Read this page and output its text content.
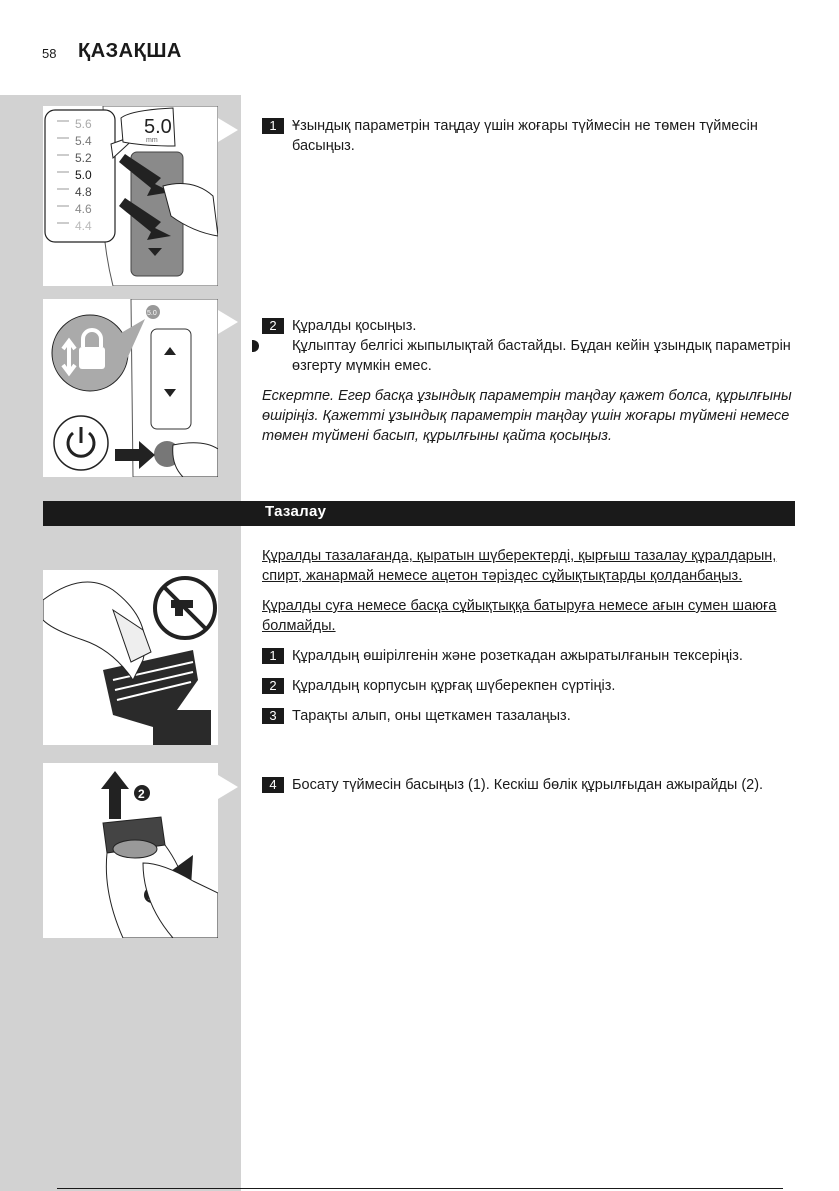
58 ҚАЗАҚША
5.0
mm
5.6
5.4
5.2
5.0
4.8
4.6
4.4
5.0
2

1	Ұзындық параметрін таңдау үшін жоғары түймесін не төмен түймесін басыңыз.

2	Құралды қосыңыз.

Құлыптау белгісі жыпылықтай бастайды. Бұдан кейін ұзындық параметрін өзгерту мүмкін емес.

Ескертпе. Егер басқа ұзындық параметрін таңдау қажет болса, құрылғыны өшіріңіз. Қажетті ұзындық параметрін таңдау үшін жоғары түймені немесе төмен түймені басып, құрылғыны қайта қосыңыз.

Тазалау

Құралды тазалағанда, қыратын шүберектерді, қырғыш тазалау құралдарын, спирт, жанармай немесе ацетон тәріздес сұйықтықтарды қолданбаңыз.

Құралды суға немесе басқа сұйықтыққа батыруға немесе ағын сумен шаюға болмайды.

1	Құралдың өшірілгенін және розеткадан ажыратылғанын тексеріңіз.

2	Құралдың корпусын құрғақ шүберекпен сүртіңіз.

3	Тарақты алып, оны щеткамен тазалаңыз.

4	Босату түймесін басыңыз (1). Кескіш бөлік құрылғыдан ажырайды (2).
